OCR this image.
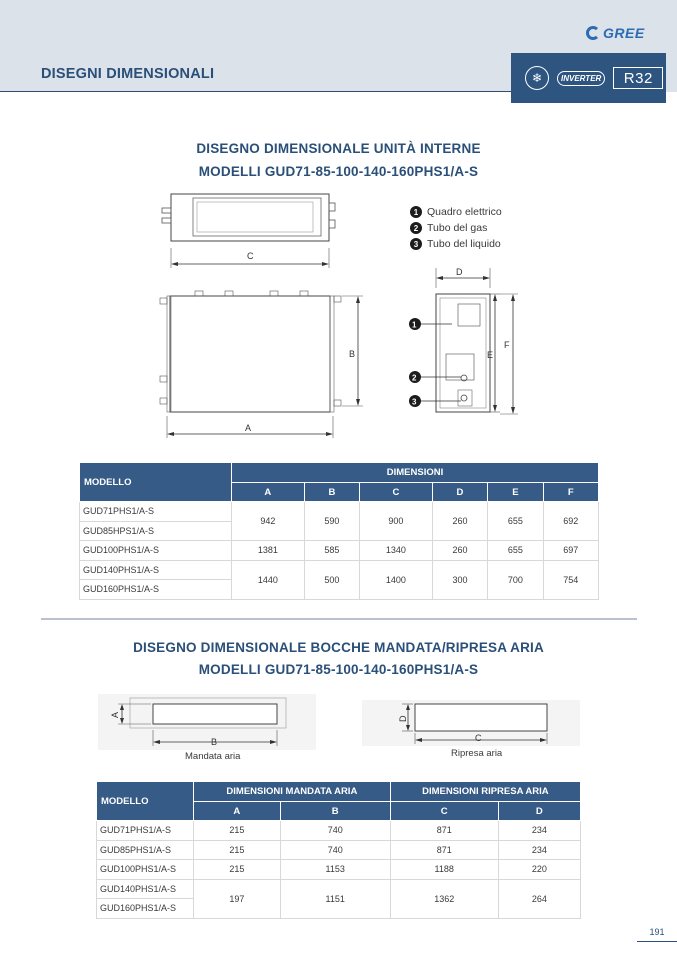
GREE
DISEGNI DIMENSIONALI	❄	INVERTER	R32
DISEGNO DIMENSIONALE UNITÀ INTERNE
MODELLI GUD71-85-100-140-160PHS1/A-S
C
B
A
1 Quadro elettrico
2 Tubo del gas
3 Tubo del liquido
D
E
F
1
2
3
MODELLO	DIMENSIONI					
	A	B	C	D	E	F
GUD71PHS1/A-S	942	590	900	260	655	692
GUD85HPS1/A-S						
GUD100PHS1/A-S	1381	585	1340	260	655	697
GUD140PHS1/A-S	1440	500	1400	300	700	754
GUD160PHS1/A-S						
DISEGNO DIMENSIONALE BOCCHE MANDATA/RIPRESA ARIA
MODELLI GUD71-85-100-140-160PHS1/A-S
B
A
Mandata aria
C
D
Ripresa aria
MODELLO	DIMENSIONI MANDATA ARIA		DIMENSIONI RIPRESA ARIA	
	A	B	C	D
GUD71PHS1/A-S	215	740	871	234
GUD85PHS1/A-S	215	740	871	234
GUD100PHS1/A-S	215	1153	1188	220
GUD140PHS1/A-S	197	1151	1362	264
GUD160PHS1/A-S				
191
